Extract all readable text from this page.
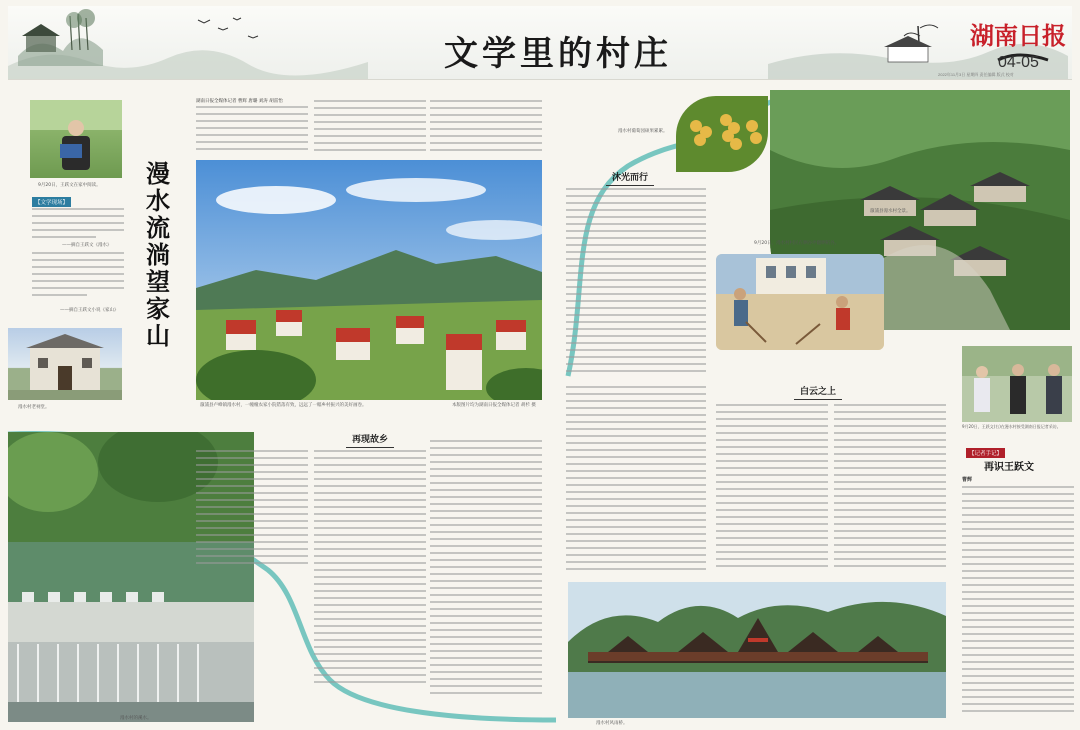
文学里的村庄	湖南日报
04-05
2022年11月3日 星期四 责任编辑 版式 校对
9月20日，王跃文在家中阅读。
【文学现场】
——摘自王跃文《漫水》
——摘自王跃文小说《家山》
漫水村老祠堂。
漫水流淌望家山
湖南日报全媒体记者 曹辉 唐璐 刘涛 胡雷怡
溆浦县卢峰镇漫水村，一幢幢农家小院错落有致，远远了一幅乡村振兴的美好画卷。	本版图片均为湖南日报全媒体记者 胡杉 摄
漫水村的溪水。
再现故乡
沐光而行
漫水村葡萄园硕果累累。
溆浦县漫水村全景。
9月20日，漫水村村民在晒谷坪翻晒稻谷。
9月20日，王跃文(右)在漫水村接受湖南日报记者采访。
白云之上
漫水村风雨桥。
【记者手记】
再识王跃文
曹辉
